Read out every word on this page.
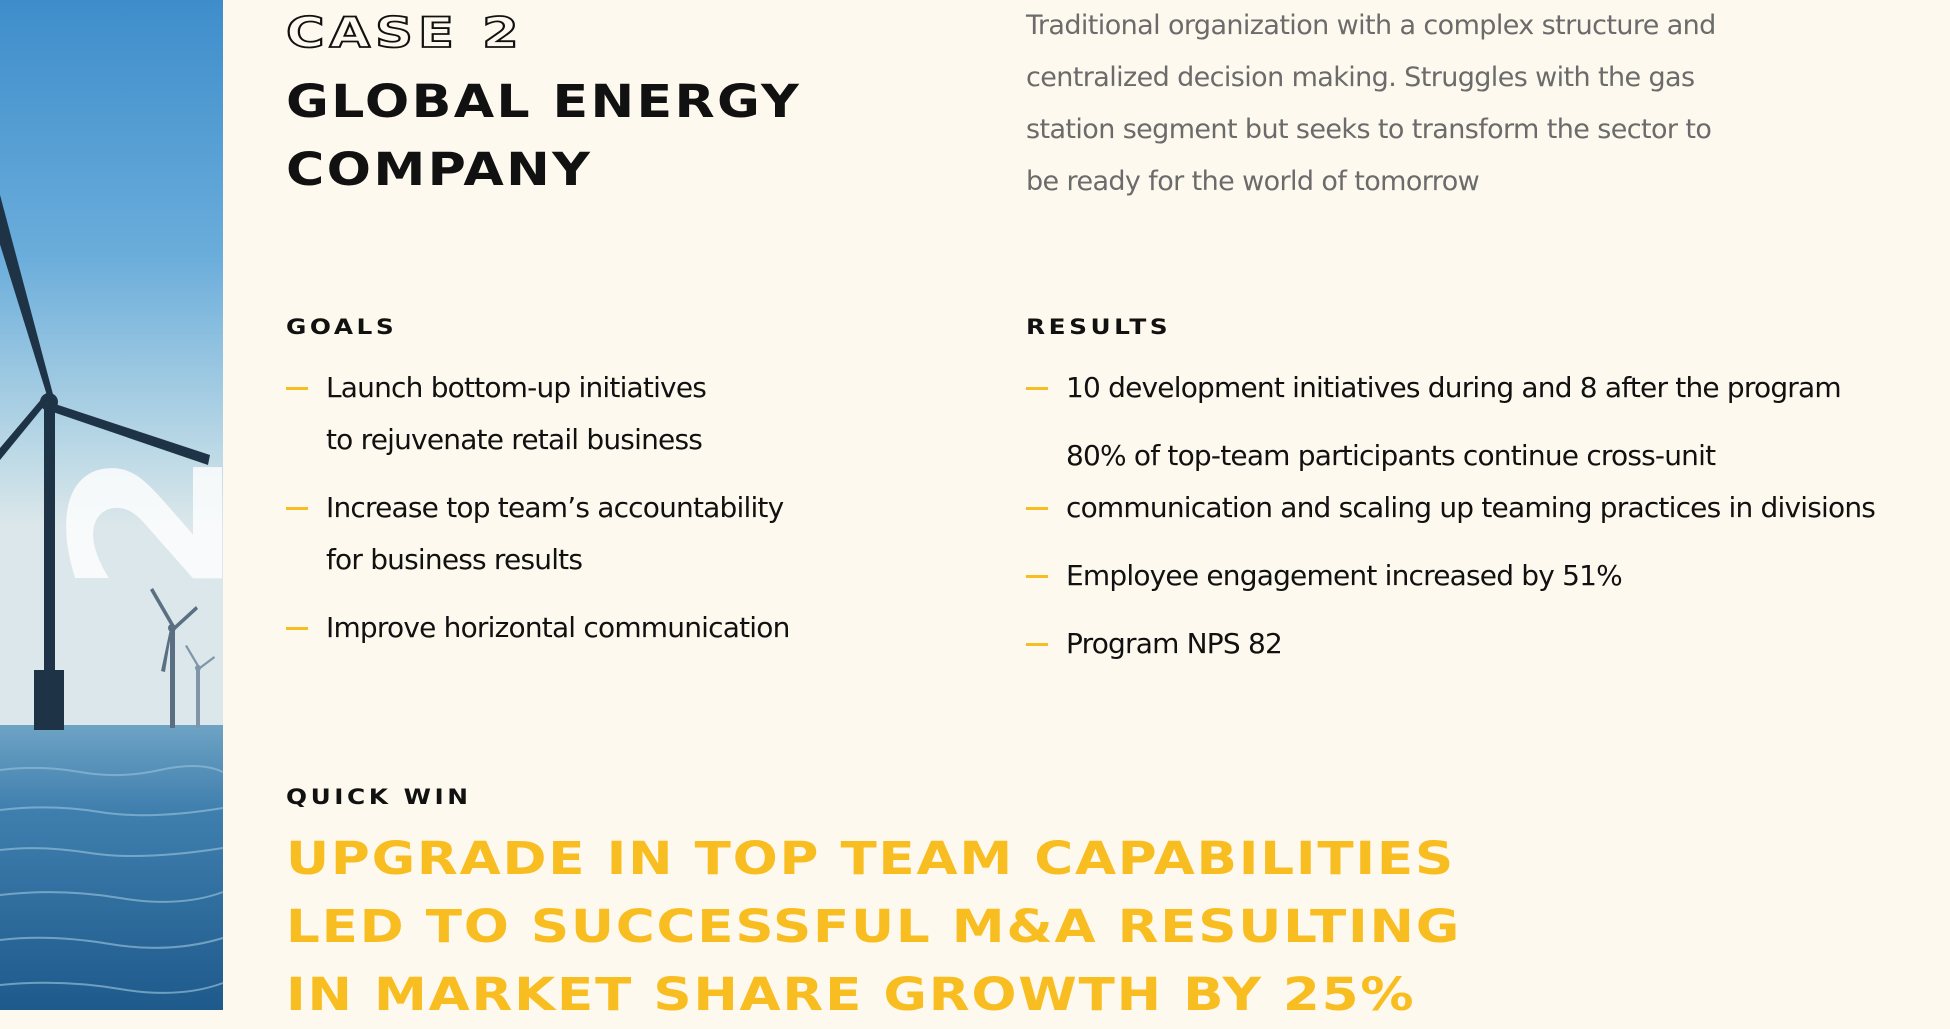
2
CASE 2
GLOBAL ENERGY
COMPANY
Traditional organization with a complex structure and
centralized decision making. Struggles with the gas
station segment but seeks to transform the sector to
be ready for the world of tomorrow
GOALS
Launch bottom-up initiatives
to rejuvenate retail business
Increase top team’s accountability
for business results
Improve horizontal communication
RESULTS
10 development initiatives during and 8 after the program
80% of top-team participants continue cross-unit
communication and scaling up teaming practices in divisions
Employee engagement increased by 51%
Program NPS 82
QUICK WIN
UPGRADE IN TOP TEAM CAPABILITIES
LED TO SUCCESSFUL M&A RESULTING
IN MARKET SHARE GROWTH BY 25%
